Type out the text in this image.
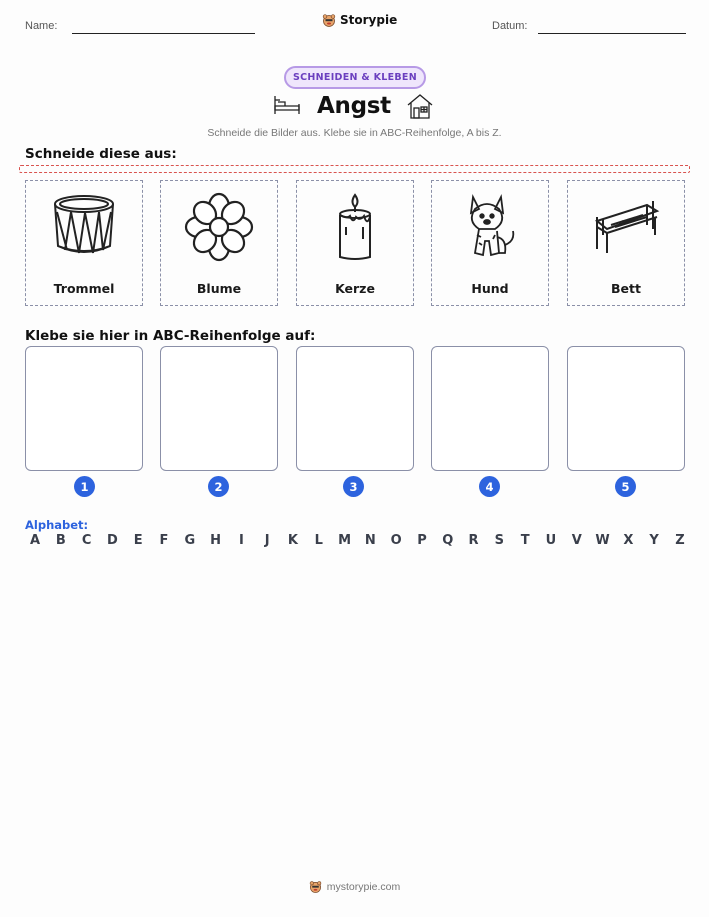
Name:	Storypie	Datum:
SCHNEIDEN & KLEBEN
Angst
Schneide die Bilder aus. Klebe sie in ABC-Reihenfolge, A bis Z.
Schneide diese aus:
Trommel	Blume	Kerze	Hund	Bett
Klebe sie hier in ABC-Reihenfolge auf:
1	2	3	4	5
Alphabet:
A	B	C	D	E	F	G	H	I	J	K	L	M	N	O	P	Q	R	S	T	U	V	W	X	Y	Z
mystorypie.com
